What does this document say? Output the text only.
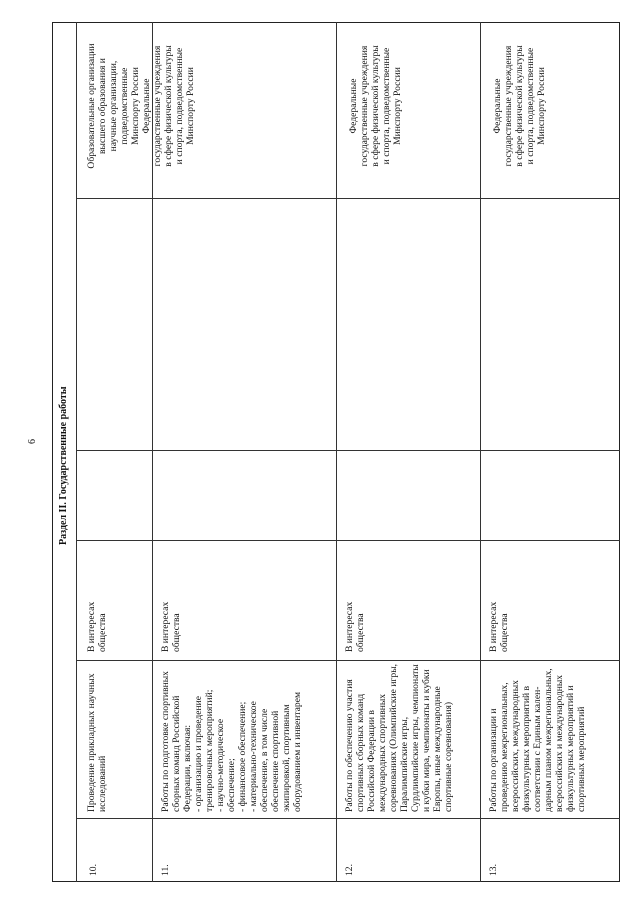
6 Раздел II. Государственные работы
10.
Проведение прикладных научных исследований
В интересах общества
Образовательные организации высшего образования и научные организации, подведомственные Минспорту России Федеральные государственные учреждения в сфере физической культуры и спорта, подведомственные Минспорту России
11.
Работы по подготовке спортивных сборных команд Российской Федерации, включая: - организацию и проведение тренировочных мероприятий; - научно-методическое обеспечение; - финансовое обеспечение; - материально-техническое обеспечение, в том числе обеспечение спортивной экипировкой, спортивным оборудованием и инвентарем
В интересах общества
12.
Работы по обеспечению участия спортивных сборных команд Российской Федерации в международных спортивных соревнованиях (Олимпийские игры, Паралимпийские игры, Сурдлимпийские игры, чемпионаты и кубки мира, чемпионаты и кубки Европы, иные международные спортивные соревнования)
В интересах общества
Федеральные государственные учреждения в сфере физической культуры и спорта, подведомственные Минспорту России
13.
Работы по организации и проведению межрегиональных, всероссийских, международных физкультурных мероприятий в соответствии с Единым кален- дарным планом межрегиональных, всероссийских и международных физкультурных мероприятий и спортивных мероприятий
В интересах общества
Федеральные государственные учреждения в сфере физической культуры и спорта, подведомственные Минспорту России
